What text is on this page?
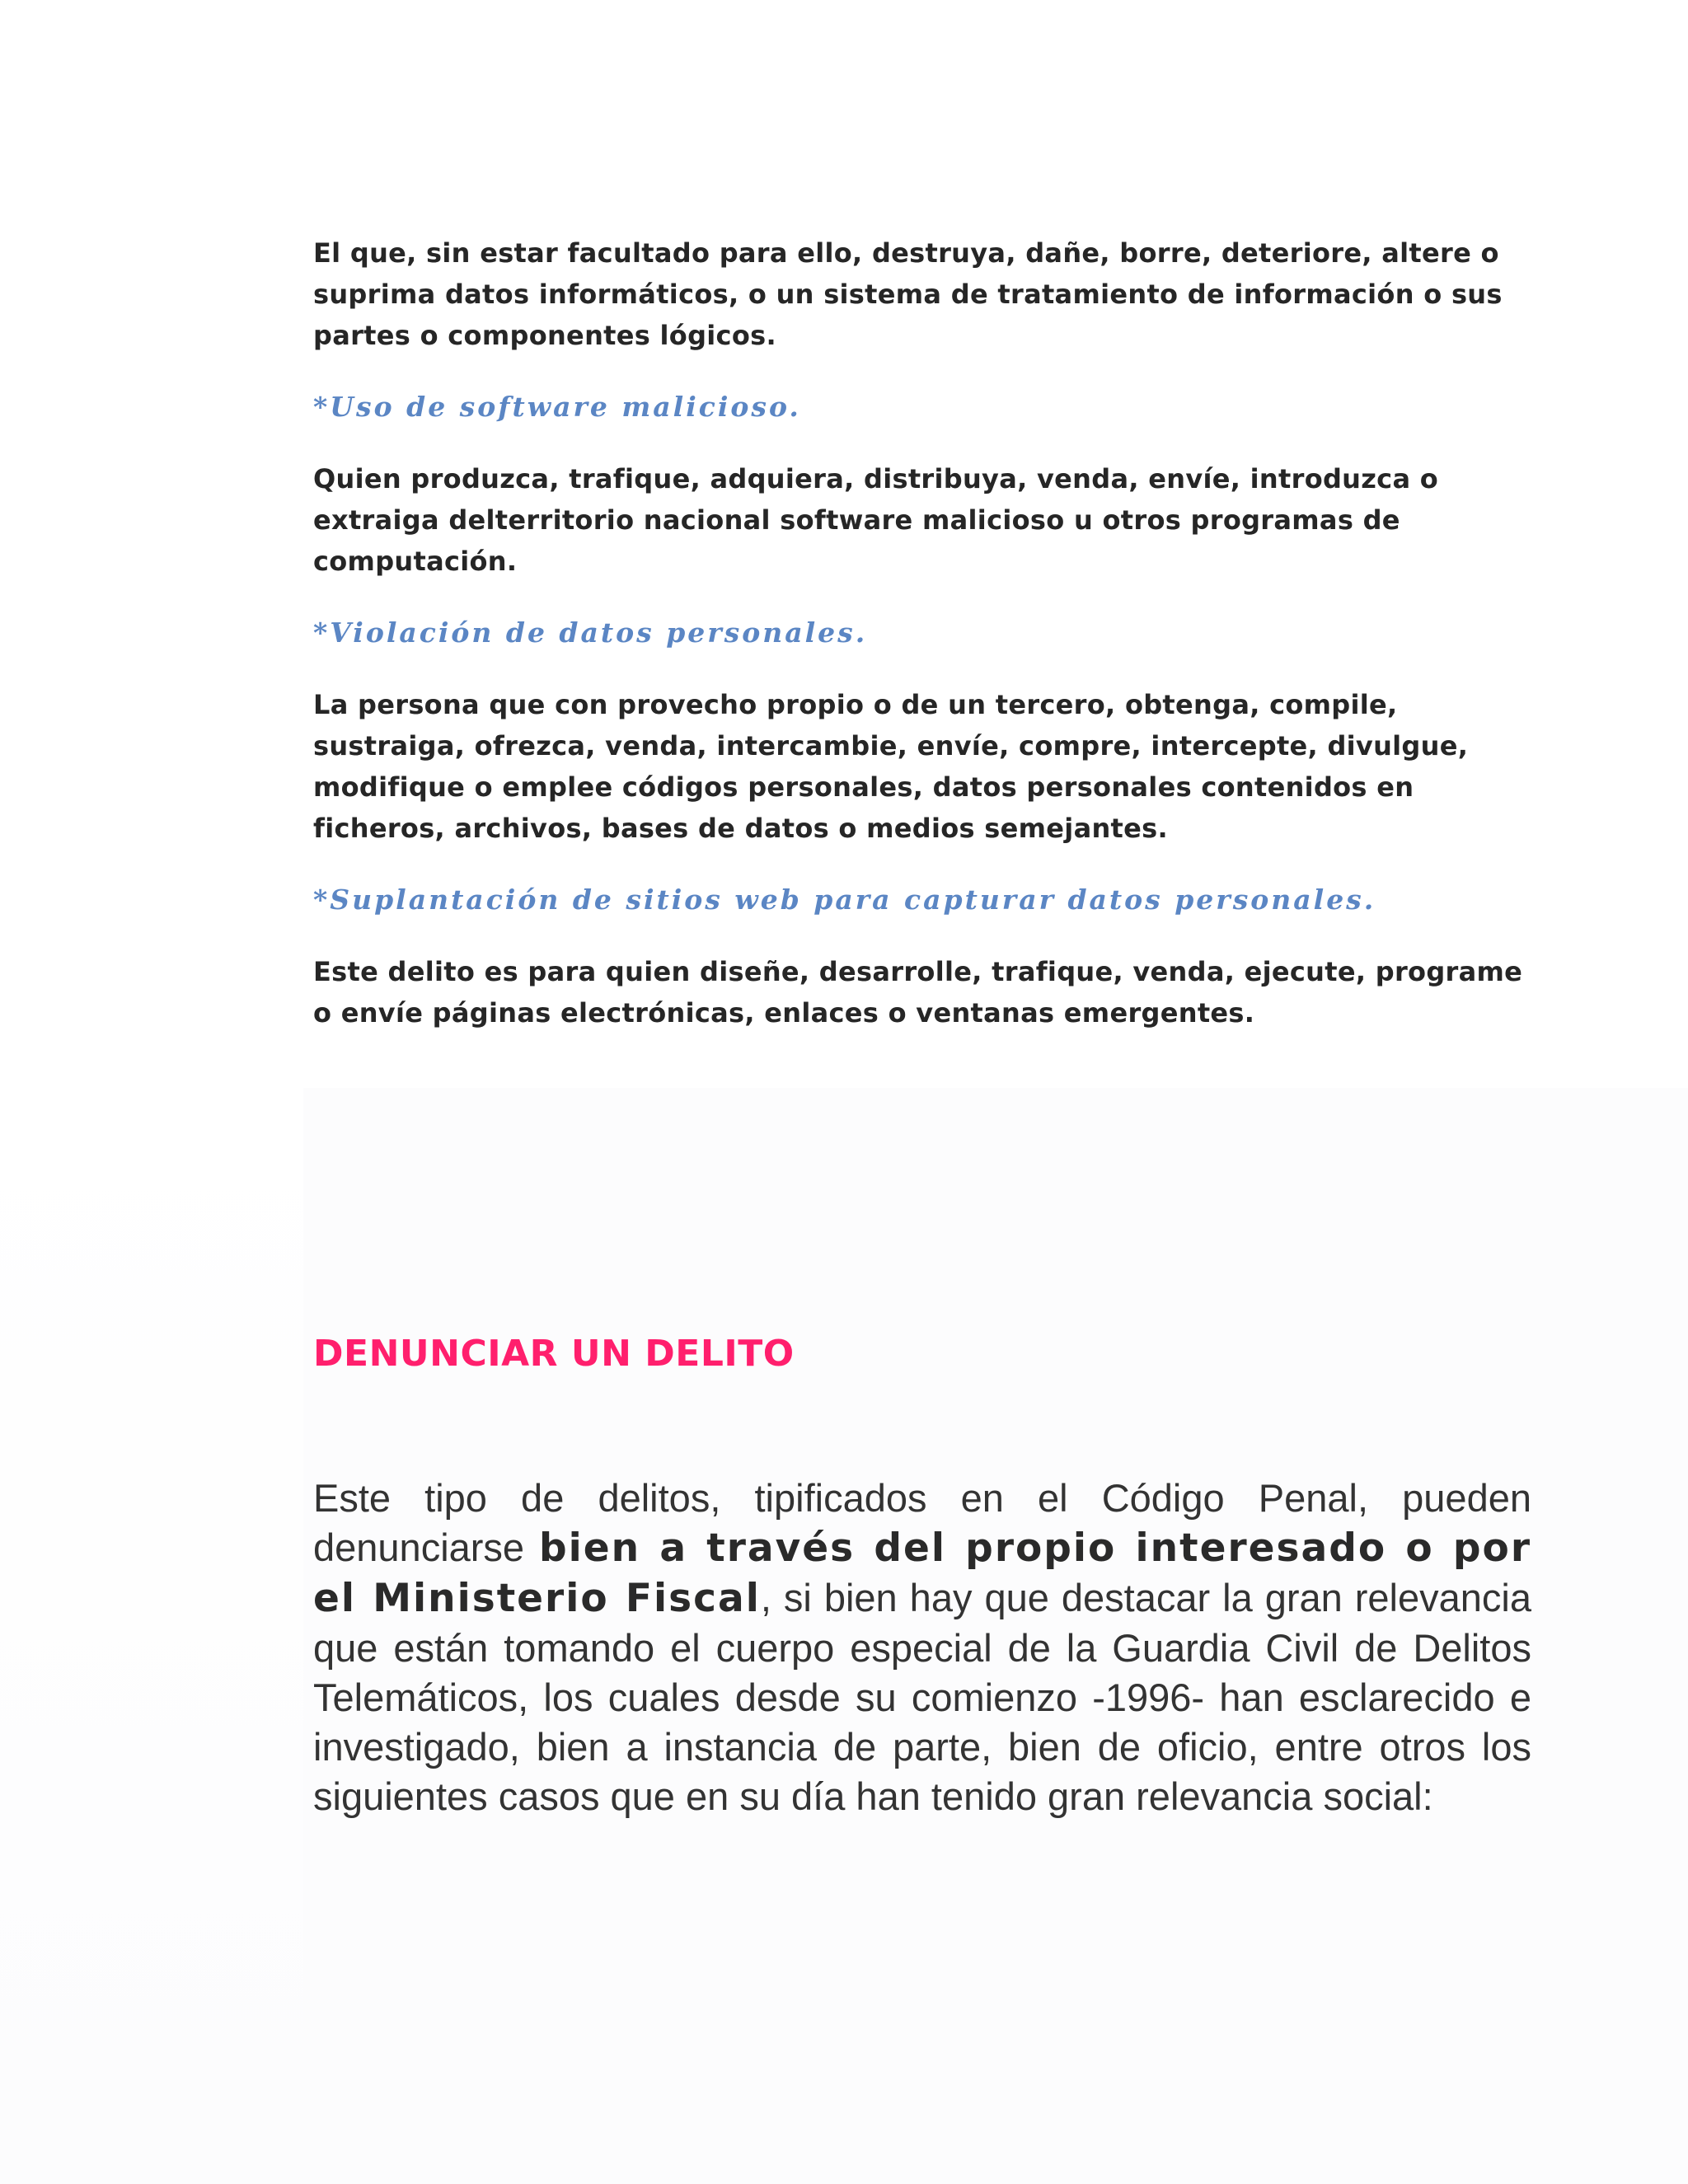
El que, sin estar facultado para ello, destruya, dañe, borre, deteriore, altere o suprima datos informáticos, o un sistema de tratamiento de información o sus partes o componentes lógicos.

*Uso de software malicioso.

Quien produzca, trafique, adquiera, distribuya, venda, envíe, introduzca o extraiga delterritorio nacional software malicioso u otros programas de computación.

*Violación de datos personales.

La persona que con provecho propio o de un tercero, obtenga, compile, sustraiga, ofrezca, venda, intercambie, envíe, compre, intercepte, divulgue, modifique o emplee códigos personales, datos personales contenidos en ficheros, archivos, bases de datos o medios semejantes.

*Suplantación de sitios web para capturar datos personales.

Este delito es para quien diseñe, desarrolle, trafique, venda, ejecute, programe o envíe páginas electrónicas, enlaces o ventanas emergentes.

DENUNCIAR UN DELITO

Este tipo de delitos, tipificados en el Código Penal, pueden denunciarse bien a través del propio interesado o por el Ministerio Fiscal, si bien hay que destacar la gran relevancia que están tomando el cuerpo especial de la Guardia Civil de Delitos Telemáticos, los cuales desde su comienzo -1996- han esclarecido e investigado, bien a instancia de parte, bien de oficio, entre otros los siguientes casos que en su día han tenido gran relevancia social:
